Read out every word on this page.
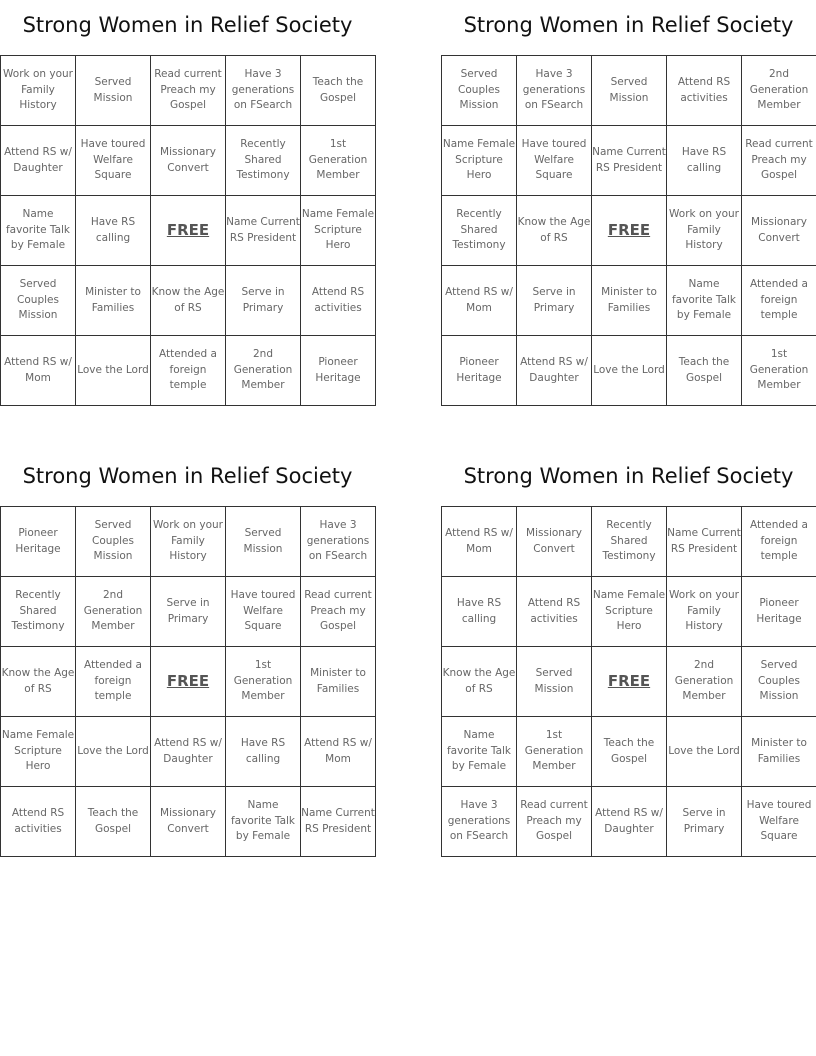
Strong Women in Relief Society
Work on your Family History	Served Mission	Read current Preach my Gospel	Have 3 generations on FSearch	Teach the Gospel
Attend RS w/ Daughter	Have toured Welfare Square	Missionary Convert	Recently Shared Testimony	1st Generation Member
Name favorite Talk by Female	Have RS calling	FREE	Name Current RS President	Name Female Scripture Hero
Served Couples Mission	Minister to Families	Know the Age of RS	Serve in Primary	Attend RS activities
Attend RS w/ Mom	Love the Lord	Attended a foreign temple	2nd Generation Member	Pioneer Heritage
Strong Women in Relief Society
Served Couples Mission	Have 3 generations on FSearch	Served Mission	Attend RS activities	2nd Generation Member
Name Female Scripture Hero	Have toured Welfare Square	Name Current RS President	Have RS calling	Read current Preach my Gospel
Recently Shared Testimony	Know the Age of RS	FREE	Work on your Family History	Missionary Convert
Attend RS w/ Mom	Serve in Primary	Minister to Families	Name favorite Talk by Female	Attended a foreign temple
Pioneer Heritage	Attend RS w/ Daughter	Love the Lord	Teach the Gospel	1st Generation Member
Strong Women in Relief Society
Pioneer Heritage	Served Couples Mission	Work on your Family History	Served Mission	Have 3 generations on FSearch
Recently Shared Testimony	2nd Generation Member	Serve in Primary	Have toured Welfare Square	Read current Preach my Gospel
Know the Age of RS	Attended a foreign temple	FREE	1st Generation Member	Minister to Families
Name Female Scripture Hero	Love the Lord	Attend RS w/ Daughter	Have RS calling	Attend RS w/ Mom
Attend RS activities	Teach the Gospel	Missionary Convert	Name favorite Talk by Female	Name Current RS President
Strong Women in Relief Society
Attend RS w/ Mom	Missionary Convert	Recently Shared Testimony	Name Current RS President	Attended a foreign temple
Have RS calling	Attend RS activities	Name Female Scripture Hero	Work on your Family History	Pioneer Heritage
Know the Age of RS	Served Mission	FREE	2nd Generation Member	Served Couples Mission
Name favorite Talk by Female	1st Generation Member	Teach the Gospel	Love the Lord	Minister to Families
Have 3 generations on FSearch	Read current Preach my Gospel	Attend RS w/ Daughter	Serve in Primary	Have toured Welfare Square
